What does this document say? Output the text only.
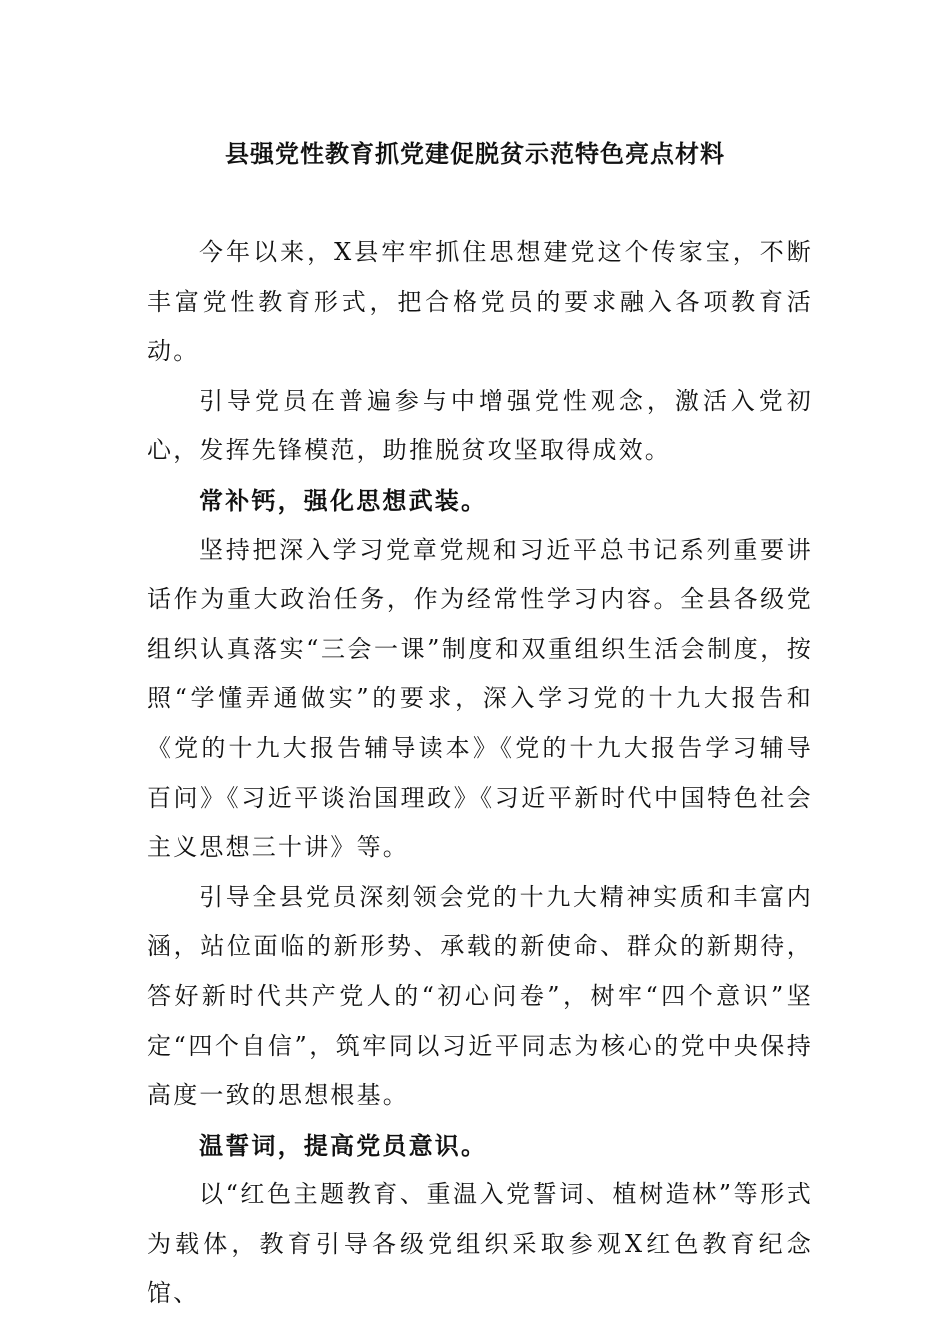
县强党性教育抓党建促脱贫示范特色亮点材料

今年以来，X县牢牢抓住思想建党这个传家宝，不断丰富党性教育形式，把合格党员的要求融入各项教育活动。

引导党员在普遍参与中增强党性观念，激活入党初心，发挥先锋模范，助推脱贫攻坚取得成效。

常补钙，强化思想武装。

坚持把深入学习党章党规和习近平总书记系列重要讲话作为重大政治任务，作为经常性学习内容。全县各级党组织认真落实“三会一课”制度和双重组织生活会制度，按照“学懂弄通做实”的要求，深入学习党的十九大报告和《党的十九大报告辅导读本》《党的十九大报告学习辅导百问》《习近平谈治国理政》《习近平新时代中国特色社会主义思想三十讲》等。

引导全县党员深刻领会党的十九大精神实质和丰富内涵，站位面临的新形势、承载的新使命、群众的新期待，答好新时代共产党人的“初心问卷”，树牢“四个意识”坚定“四个自信”，筑牢同以习近平同志为核心的党中央保持高度一致的思想根基。

温誓词，提高党员意识。

以“红色主题教育、重温入党誓词、植树造林”等形式为载体，教育引导各级党组织采取参观X红色教育纪念馆、
